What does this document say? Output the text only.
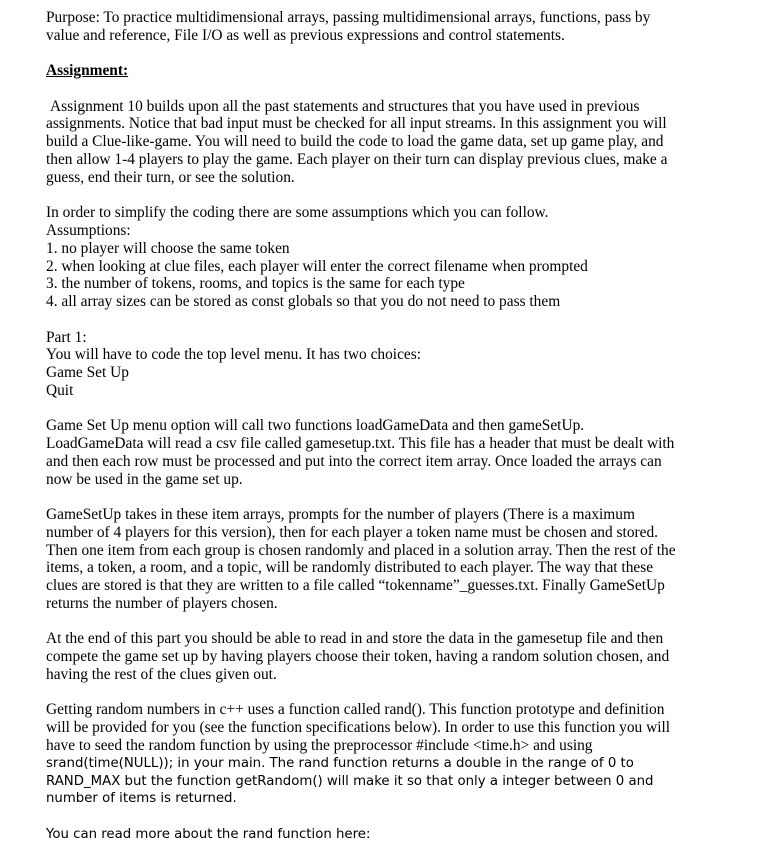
Purpose: To practice multidimensional arrays, passing multidimensional arrays, functions, pass by
value and reference, File I/O as well as previous expressions and control statements.
Assignment:
Assignment 10 builds upon all the past statements and structures that you have used in previous
assignments. Notice that bad input must be checked for all input streams. In this assignment you will
build a Clue-like-game. You will need to build the code to load the game data, set up game play, and
then allow 1-4 players to play the game. Each player on their turn can display previous clues, make a
guess, end their turn, or see the solution.
In order to simplify the coding there are some assumptions which you can follow.
Assumptions:
1. no player will choose the same token
2. when looking at clue files, each player will enter the correct filename when prompted
3. the number of tokens, rooms, and topics is the same for each type
4. all array sizes can be stored as const globals so that you do not need to pass them
Part 1:
You will have to code the top level menu. It has two choices:
Game Set Up
Quit
Game Set Up menu option will call two functions loadGameData and then gameSetUp.
LoadGameData will read a csv file called gamesetup.txt. This file has a header that must be dealt with
and then each row must be processed and put into the correct item array. Once loaded the arrays can
now be used in the game set up.
GameSetUp takes in these item arrays, prompts for the number of players (There is a maximum
number of 4 players for this version), then for each player a token name must be chosen and stored.
Then one item from each group is chosen randomly and placed in a solution array. Then the rest of the
items, a token, a room, and a topic, will be randomly distributed to each player. The way that these
clues are stored is that they are written to a file called “tokenname”_guesses.txt. Finally GameSetUp
returns the number of players chosen.
At the end of this part you should be able to read in and store the data in the gamesetup file and then
compete the game set up by having players choose their token, having a random solution chosen, and
having the rest of the clues given out.
Getting random numbers in c++ uses a function called rand(). This function prototype and definition
will be provided for you (see the function specifications below). In order to use this function you will
have to seed the random function by using the preprocessor #include <time.h> and using
srand(time(NULL)); in your main. The rand function returns a double in the range of 0 to
RAND_MAX but the function getRandom() will make it so that only a integer between 0 and
number of items is returned.
You can read more about the rand function here:
